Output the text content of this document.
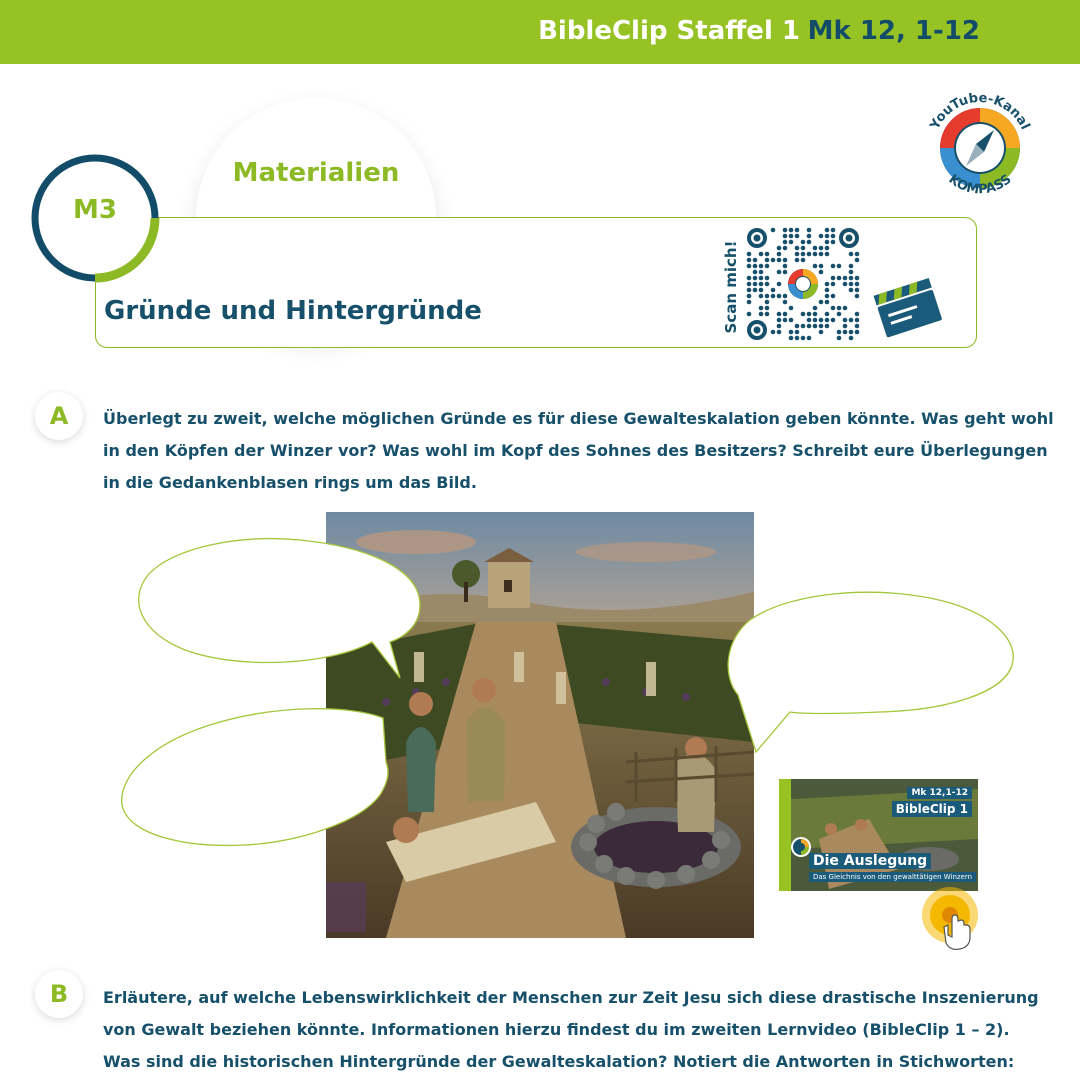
BibleClip Staffel 1 Mk 12, 1-12
YouTube-Kanal
KOMPASS
Materialien
Gründe und Hintergründe
M3
Scan mich!
A	Überlegt zu zweit, welche möglichen Gründe es für diese Gewalteskalation geben könnte. Was geht wohl

in den Köpfen der Winzer vor? Was wohl im Kopf des Sohnes des Besitzers? Schreibt eure Überlegungen

in die Gedankenblasen rings um das Bild.

Mk 12,1-12
BibleClip 1
Die Auslegung
Das Gleichnis von den gewalttätigen Winzern
B	Erläutere, auf welche Lebenswirklichkeit der Menschen zur Zeit Jesu sich diese drastische Inszenierung

von Gewalt beziehen könnte. Informationen hierzu findest du im zweiten Lernvideo (BibleClip 1 – 2).

Was sind die historischen Hintergründe der Gewalteskalation? Notiert die Antworten in Stichworten:
